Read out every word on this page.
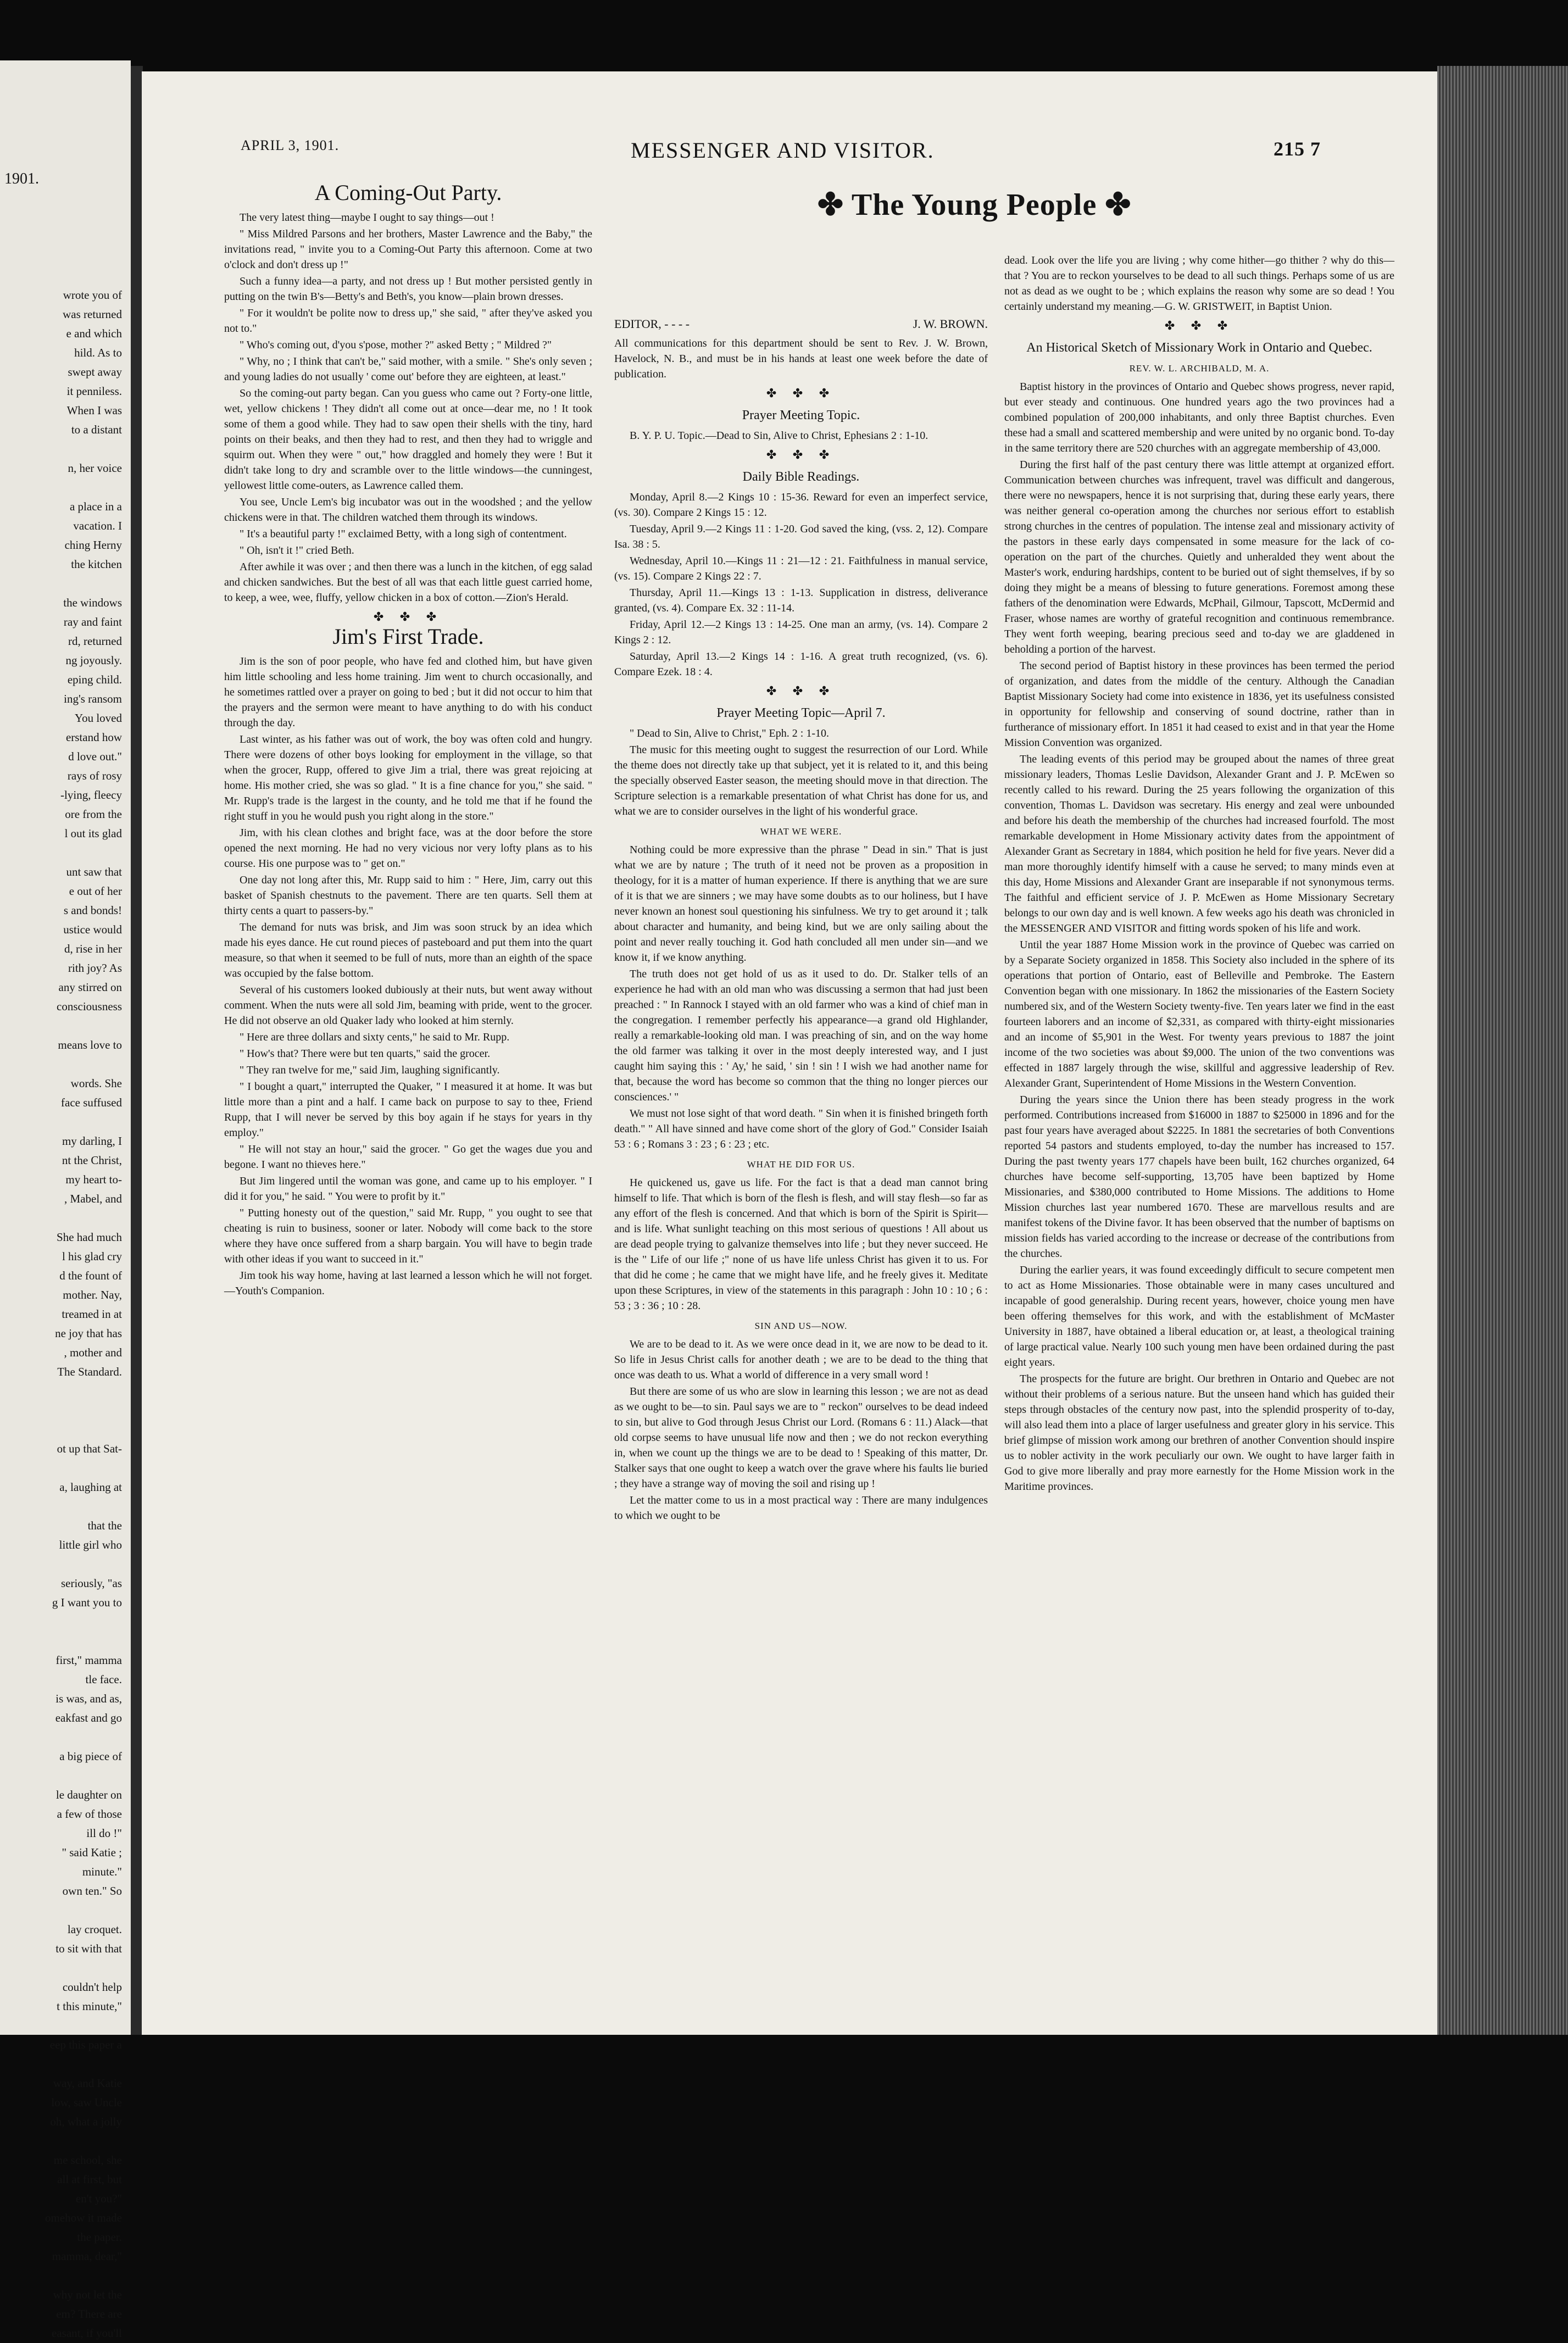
1901.
wrote you of
was returned
e and which
hild. As to
swept away
it penniless.
When I was
to a distant
n, her voice
a place in a
vacation. I
ching Herny
the kitchen
the windows
ray and faint
rd, returned
ng joyously.
eping child.
ing's ransom
You loved
erstand how
d love out."
rays of rosy
-lying, fleecy
ore from the
l out its glad
unt saw that
e out of her
s and bonds!
ustice would
d, rise in her
rith joy? As
any stirred on
consciousness
means love to
words. She
face suffused
my darling, I
nt the Christ,
my heart to-
, Mabel, and
She had much
l his glad cry
d the fount of
mother. Nay,
treamed in at
ne joy that has
, mother and
The Standard.
ot up that Sat-
a, laughing at
that the
little girl who
seriously, "as
g I want you to
first," mamma
tle face.
is was, and as,
eakfast and go
a big piece of
le daughter on
a few of those
ill do !"
" said Katie ;
minute."
own ten." So
lay croquet.
to sit with that
couldn't help
t this minute,"
eep this paper a
way, and Katie
low, saw Uncle
oh, what a jolly
me school, she
all at first, but
en't you?"
omehow it made
the paper.
mamma, dear,"
why not let the
em? There are
easant, if you'll
APRIL 3, 1901.	MESSENGER AND VISITOR.	215 7
✤ The Young People ✤
A Coming-Out Party.

The very latest thing—maybe I ought to say things—out !

" Miss Mildred Parsons and her brothers, Master Lawrence and the Baby," the invitations read, " invite you to a Coming-Out Party this afternoon. Come at two o'clock and don't dress up !"

Such a funny idea—a party, and not dress up ! But mother persisted gently in putting on the twin B's—Betty's and Beth's, you know—plain brown dresses.

" For it wouldn't be polite now to dress up," she said, " after they've asked you not to."

" Who's coming out, d'you s'pose, mother ?" asked Betty ; " Mildred ?"

" Why, no ; I think that can't be," said mother, with a smile. " She's only seven ; and young ladies do not usually ' come out' before they are eighteen, at least."

So the coming-out party began. Can you guess who came out ? Forty-one little, wet, yellow chickens ! They didn't all come out at once—dear me, no ! It took some of them a good while. They had to saw open their shells with the tiny, hard points on their beaks, and then they had to rest, and then they had to wriggle and squirm out. When they were " out," how draggled and homely they were ! But it didn't take long to dry and scramble over to the little windows—the cunningest, yellowest little come-outers, as Lawrence called them.

You see, Uncle Lem's big incubator was out in the woodshed ; and the yellow chickens were in that. The children watched them through its windows.

" It's a beautiful party !" exclaimed Betty, with a long sigh of contentment.

" Oh, isn't it !" cried Beth.

After awhile it was over ; and then there was a lunch in the kitchen, of egg salad and chicken sandwiches. But the best of all was that each little guest carried home, to keep, a wee, wee, fluffy, yellow chicken in a box of cotton.—Zion's Herald.

✤ ✤ ✤
Jim's First Trade.

Jim is the son of poor people, who have fed and clothed him, but have given him little schooling and less home training. Jim went to church occasionally, and he sometimes rattled over a prayer on going to bed ; but it did not occur to him that the prayers and the sermon were meant to have anything to do with his conduct through the day.

Last winter, as his father was out of work, the boy was often cold and hungry. There were dozens of other boys looking for employment in the village, so that when the grocer, Rupp, offered to give Jim a trial, there was great rejoicing at home. His mother cried, she was so glad. " It is a fine chance for you," she said. " Mr. Rupp's trade is the largest in the county, and he told me that if he found the right stuff in you he would push you right along in the store."

Jim, with his clean clothes and bright face, was at the door before the store opened the next morning. He had no very vicious nor very lofty plans as to his course. His one purpose was to " get on."

One day not long after this, Mr. Rupp said to him : " Here, Jim, carry out this basket of Spanish chestnuts to the pavement. There are ten quarts. Sell them at thirty cents a quart to passers-by."

The demand for nuts was brisk, and Jim was soon struck by an idea which made his eyes dance. He cut round pieces of pasteboard and put them into the quart measure, so that when it seemed to be full of nuts, more than an eighth of the space was occupied by the false bottom.

Several of his customers looked dubiously at their nuts, but went away without comment. When the nuts were all sold Jim, beaming with pride, went to the grocer. He did not observe an old Quaker lady who looked at him sternly.

" Here are three dollars and sixty cents," he said to Mr. Rupp.

" How's that? There were but ten quarts," said the grocer.

" They ran twelve for me," said Jim, laughing significantly.

" I bought a quart," interrupted the Quaker, " I measured it at home. It was but little more than a pint and a half. I came back on purpose to say to thee, Friend Rupp, that I will never be served by this boy again if he stays for years in thy employ."

" He will not stay an hour," said the grocer. " Go get the wages due you and begone. I want no thieves here."

But Jim lingered until the woman was gone, and came up to his employer. " I did it for you," he said. " You were to profit by it."

" Putting honesty out of the question," said Mr. Rupp, " you ought to see that cheating is ruin to business, sooner or later. Nobody will come back to the store where they have once suffered from a sharp bargain. You will have to begin trade with other ideas if you want to succeed in it."

Jim took his way home, having at last learned a lesson which he will not forget.—Youth's Companion.

EDITOR, - - - -	J. W. BROWN.

All communications for this department should be sent to Rev. J. W. Brown, Havelock, N. B., and must be in his hands at least one week before the date of publication.

✤ ✤ ✤
Prayer Meeting Topic.

B. Y. P. U. Topic.—Dead to Sin, Alive to Christ, Ephesians 2 : 1-10.

✤ ✤ ✤
Daily Bible Readings.

Monday, April 8.—2 Kings 10 : 15-36. Reward for even an imperfect service, (vs. 30). Compare 2 Kings 15 : 12.

Tuesday, April 9.—2 Kings 11 : 1-20. God saved the king, (vss. 2, 12). Compare Isa. 38 : 5.

Wednesday, April 10.—Kings 11 : 21—12 : 21. Faithfulness in manual service, (vs. 15). Compare 2 Kings 22 : 7.

Thursday, April 11.—Kings 13 : 1-13. Supplication in distress, deliverance granted, (vs. 4). Compare Ex. 32 : 11-14.

Friday, April 12.—2 Kings 13 : 14-25. One man an army, (vs. 14). Compare 2 Kings 2 : 12.

Saturday, April 13.—2 Kings 14 : 1-16. A great truth recognized, (vs. 6). Compare Ezek. 18 : 4.

✤ ✤ ✤
Prayer Meeting Topic—April 7.

" Dead to Sin, Alive to Christ," Eph. 2 : 1-10.

The music for this meeting ought to suggest the resurrection of our Lord. While the theme does not directly take up that subject, yet it is related to it, and this being the specially observed Easter season, the meeting should move in that direction. The Scripture selection is a remarkable presentation of what Christ has done for us, and what we are to consider ourselves in the light of his wonderful grace.

WHAT WE WERE.

Nothing could be more expressive than the phrase " Dead in sin." That is just what we are by nature ; The truth of it need not be proven as a proposition in theology, for it is a matter of human experience. If there is anything that we are sure of it is that we are sinners ; we may have some doubts as to our holiness, but I have never known an honest soul questioning his sinfulness. We try to get around it ; talk about character and humanity, and being kind, but we are only sailing about the point and never really touching it. God hath concluded all men under sin—and we know it, if we know anything.

The truth does not get hold of us as it used to do. Dr. Stalker tells of an experience he had with an old man who was discussing a sermon that had just been preached : " In Rannock I stayed with an old farmer who was a kind of chief man in the congregation. I remember perfectly his appearance—a grand old Highlander, really a remarkable-looking old man. I was preaching of sin, and on the way home the old farmer was talking it over in the most deeply interested way, and I just caught him saying this : ' Ay,' he said, ' sin ! sin ! I wish we had another name for that, because the word has become so common that the thing no longer pierces our consciences.' "

We must not lose sight of that word death. " Sin when it is finished bringeth forth death." " All have sinned and have come short of the glory of God." Consider Isaiah 53 : 6 ; Romans 3 : 23 ; 6 : 23 ; etc.

WHAT HE DID FOR US.

He quickened us, gave us life. For the fact is that a dead man cannot bring himself to life. That which is born of the flesh is flesh, and will stay flesh—so far as any effort of the flesh is concerned. And that which is born of the Spirit is Spirit—and is life. What sunlight teaching on this most serious of questions ! All about us are dead people trying to galvanize themselves into life ; but they never succeed. He is the " Life of our life ;" none of us have life unless Christ has given it to us. For that did he come ; he came that we might have life, and he freely gives it. Meditate upon these Scriptures, in view of the statements in this paragraph : John 10 : 10 ; 6 : 53 ; 3 : 36 ; 10 : 28.

SIN AND US—NOW.

We are to be dead to it. As we were once dead in it, we are now to be dead to it. So life in Jesus Christ calls for another death ; we are to be dead to the thing that once was death to us. What a world of difference in a very small word !

But there are some of us who are slow in learning this lesson ; we are not as dead as we ought to be—to sin. Paul says we are to " reckon" ourselves to be dead indeed to sin, but alive to God through Jesus Christ our Lord. (Romans 6 : 11.) Alack—that old corpse seems to have unusual life now and then ; we do not reckon everything in, when we count up the things we are to be dead to ! Speaking of this matter, Dr. Stalker says that one ought to keep a watch over the grave where his faults lie buried ; they have a strange way of moving the soil and rising up !

Let the matter come to us in a most practical way : There are many indulgences to which we ought to be

dead. Look over the life you are living ; why come hither—go thither ? why do this—that ? You are to reckon yourselves to be dead to all such things. Perhaps some of us are not as dead as we ought to be ; which explains the reason why some are so dead ! You certainly understand my meaning.—G. W. GRISTWEIT, in Baptist Union.

✤ ✤ ✤
An Historical Sketch of Missionary Work in Ontario and Quebec.
REV. W. L. ARCHIBALD, M. A.

Baptist history in the provinces of Ontario and Quebec shows progress, never rapid, but ever steady and continuous. One hundred years ago the two provinces had a combined population of 200,000 inhabitants, and only three Baptist churches. Even these had a small and scattered membership and were united by no organic bond. To-day in the same territory there are 520 churches with an aggregate membership of 43,000.

During the first half of the past century there was little attempt at organized effort. Communication between churches was infrequent, travel was difficult and dangerous, there were no newspapers, hence it is not surprising that, during these early years, there was neither general co-operation among the churches nor serious effort to establish strong churches in the centres of population. The intense zeal and missionary activity of the pastors in these early days compensated in some measure for the lack of co-operation on the part of the churches. Quietly and unheralded they went about the Master's work, enduring hardships, content to be buried out of sight themselves, if by so doing they might be a means of blessing to future generations. Foremost among these fathers of the denomination were Edwards, McPhail, Gilmour, Tapscott, McDermid and Fraser, whose names are worthy of grateful recognition and continuous remembrance. They went forth weeping, bearing precious seed and to-day we are gladdened in beholding a portion of the harvest.

The second period of Baptist history in these provinces has been termed the period of organization, and dates from the middle of the century. Although the Canadian Baptist Missionary Society had come into existence in 1836, yet its usefulness consisted in opportunity for fellowship and conserving of sound doctrine, rather than in furtherance of missionary effort. In 1851 it had ceased to exist and in that year the Home Mission Convention was organized.

The leading events of this period may be grouped about the names of three great missionary leaders, Thomas Leslie Davidson, Alexander Grant and J. P. McEwen so recently called to his reward. During the 25 years following the organization of this convention, Thomas L. Davidson was secretary. His energy and zeal were unbounded and before his death the membership of the churches had increased fourfold. The most remarkable development in Home Missionary activity dates from the appointment of Alexander Grant as Secretary in 1884, which position he held for five years. Never did a man more thoroughly identify himself with a cause he served; to many minds even at this day, Home Missions and Alexander Grant are inseparable if not synonymous terms. The faithful and efficient service of J. P. McEwen as Home Missionary Secretary belongs to our own day and is well known. A few weeks ago his death was chronicled in the MESSENGER AND VISITOR and fitting words spoken of his life and work.

Until the year 1887 Home Mission work in the province of Quebec was carried on by a Separate Society organized in 1858. This Society also included in the sphere of its operations that portion of Ontario, east of Belleville and Pembroke. The Eastern Convention began with one missionary. In 1862 the missionaries of the Eastern Society numbered six, and of the Western Society twenty-five. Ten years later we find in the east fourteen laborers and an income of $2,331, as compared with thirty-eight missionaries and an income of $5,901 in the West. For twenty years previous to 1887 the joint income of the two societies was about $9,000. The union of the two conventions was effected in 1887 largely through the wise, skillful and aggressive leadership of Rev. Alexander Grant, Superintendent of Home Missions in the Western Convention.

During the years since the Union there has been steady progress in the work performed. Contributions increased from $16000 in 1887 to $25000 in 1896 and for the past four years have averaged about $2225. In 1881 the secretaries of both Conventions reported 54 pastors and students employed, to-day the number has increased to 157. During the past twenty years 177 chapels have been built, 162 churches organized, 64 churches have become self-supporting, 13,705 have been baptized by Home Missionaries, and $380,000 contributed to Home Missions. The additions to Home Mission churches last year numbered 1670. These are marvellous results and are manifest tokens of the Divine favor. It has been observed that the number of baptisms on mission fields has varied according to the increase or decrease of the contributions from the churches.

During the earlier years, it was found exceedingly difficult to secure competent men to act as Home Missionaries. Those obtainable were in many cases uncultured and incapable of good generalship. During recent years, however, choice young men have been offering themselves for this work, and with the establishment of McMaster University in 1887, have obtained a liberal education or, at least, a theological training of large practical value. Nearly 100 such young men have been ordained during the past eight years.

The prospects for the future are bright. Our brethren in Ontario and Quebec are not without their problems of a serious nature. But the unseen hand which has guided their steps through obstacles of the century now past, into the splendid prosperity of to-day, will also lead them into a place of larger usefulness and greater glory in his service. This brief glimpse of mission work among our brethren of another Convention should inspire us to nobler activity in the work peculiarly our own. We ought to have larger faith in God to give more liberally and pray more earnestly for the Home Mission work in the Maritime provinces.
